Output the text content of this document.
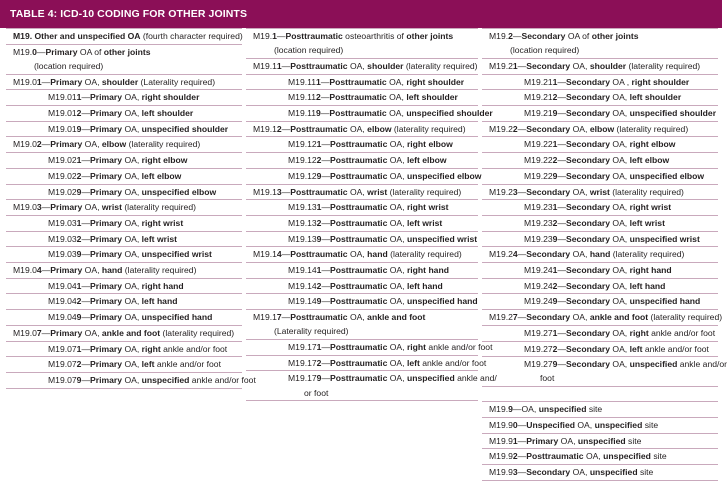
TABLE 4: ICD-10 CODING FOR OTHER JOINTS
M19. Other and unspecified OA (fourth character required)
M19.0—Primary OA of other joints
(location required)
M19.01—Primary OA, shoulder (Laterality required)
M19.011—Primary OA, right shoulder
M19.012—Primary OA, left shoulder
M19.019—Primary OA, unspecified shoulder
M19.02—Primary OA, elbow (laterality required)
M19.021—Primary OA, right elbow
M19.022—Primary OA, left elbow
M19.029—Primary OA, unspecified elbow
M19.03—Primary OA, wrist (laterality required)
M19.031—Primary OA, right wrist
M19.032—Primary OA, left wrist
M19.039—Primary OA, unspecified wrist
M19.04—Primary OA, hand (laterality required)
M19.041—Primary OA, right hand
M19.042—Primary OA, left hand
M19.049—Primary OA, unspecified hand
M19.07—Primary OA, ankle and foot (laterality required)
M19.071—Primary OA, right ankle and/or foot
M19.072—Primary OA, left ankle and/or foot
M19.079—Primary OA, unspecified ankle and/or foot
M19.1—Posttraumatic osteoarthritis of other joints
(location required)
M19.11—Posttraumatic OA, shoulder (laterality required)
M19.111—Posttraumatic OA, right shoulder
M19.112—Posttraumatic OA, left shoulder
M19.119—Posttraumatic OA, unspecified shoulder
M19.12—Posttraumatic OA, elbow (laterality required)
M19.121—Posttraumatic OA, right elbow
M19.122—Posttraumatic OA, left elbow
M19.129—Posttraumatic OA, unspecified elbow
M19.13—Posttraumatic OA, wrist (laterality required)
M19.131—Posttraumatic OA, right wrist
M19.132—Posttraumatic OA, left wrist
M19.139—Posttraumatic OA, unspecified wrist
M19.14—Posttraumatic OA, hand (laterality required)
M19.141—Posttraumatic OA, right hand
M19.142—Posttraumatic OA, left hand
M19.149—Posttraumatic OA, unspecified hand
M19.17—Posttraumatic OA, ankle and foot
(Laterality required)
M19.171—Posttraumatic OA, right ankle and/or foot
M19.172—Posttraumatic OA, left ankle and/or foot
M19.179—Posttraumatic OA, unspecified ankle and/
or foot
M19.2—Secondary OA of other joints
(location required)
M19.21—Secondary OA, shoulder (laterality required)
M19.211—Secondary OA , right shoulder
M19.212—Secondary OA, left shoulder
M19.219—Secondary OA, unspecified shoulder
M19.22—Secondary OA, elbow (laterality required)
M19.221—Secondary OA, right elbow
M19.222—Secondary OA, left elbow
M19.229—Secondary OA, unspecified elbow
M19.23—Secondary OA, wrist (laterality required)
M19.231—Secondary OA, right wrist
M19.232—Secondary OA, left wrist
M19.239—Secondary OA, unspecified wrist
M19.24—Secondary OA, hand (laterality required)
M19.241—Secondary OA, right hand
M19.242—Secondary OA, left hand
M19.249—Secondary OA, unspecified hand
M19.27—Secondary OA, ankle and foot (laterality required)
M19.271—Secondary OA, right ankle and/or foot
M19.272—Secondary OA, left ankle and/or foot
M19.279—Secondary OA, unspecified ankle and/or
foot
M19.9—OA, unspecified site
M19.90—Unspecified OA, unspecified site
M19.91—Primary OA, unspecified site
M19.92—Posttraumatic OA, unspecified site
M19.93—Secondary OA, unspecified site
